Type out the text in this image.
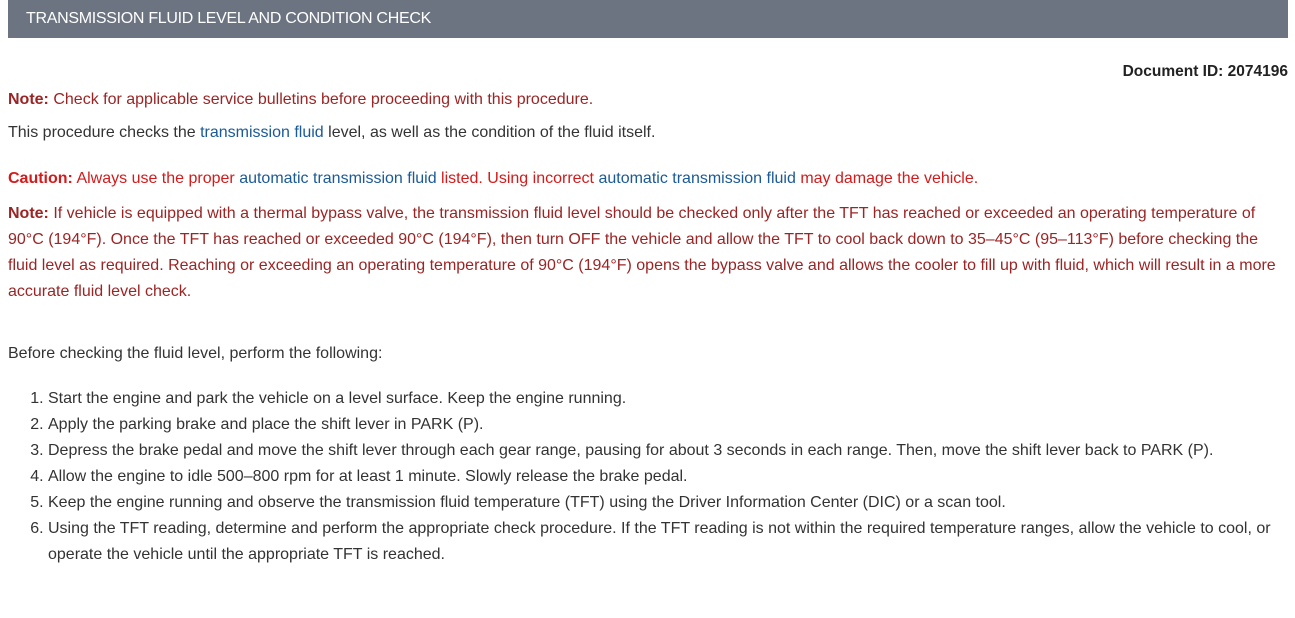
TRANSMISSION FLUID LEVEL AND CONDITION CHECK
Document ID: 2074196

Note: Check for applicable service bulletins before proceeding with this procedure.

This procedure checks the transmission fluid level, as well as the condition of the fluid itself.

Caution: Always use the proper automatic transmission fluid listed. Using incorrect automatic transmission fluid may damage the vehicle.

Note: If vehicle is equipped with a thermal bypass valve, the transmission fluid level should be checked only after the TFT has reached or exceeded an operating temperature of 90°C (194°F). Once the TFT has reached or exceeded 90°C (194°F), then turn OFF the vehicle and allow the TFT to cool back down to 35–45°C (95–113°F) before checking the fluid level as required. Reaching or exceeding an operating temperature of 90°C (194°F) opens the bypass valve and allows the cooler to fill up with fluid, which will result in a more accurate fluid level check.

Before checking the fluid level, perform the following:

1. Start the engine and park the vehicle on a level surface. Keep the engine running.
2. Apply the parking brake and place the shift lever in PARK (P).
3. Depress the brake pedal and move the shift lever through each gear range, pausing for about 3 seconds in each range. Then, move the shift lever back to PARK (P).
4. Allow the engine to idle 500–800 rpm for at least 1 minute. Slowly release the brake pedal.
5. Keep the engine running and observe the transmission fluid temperature (TFT) using the Driver Information Center (DIC) or a scan tool.
6. Using the TFT reading, determine and perform the appropriate check procedure. If the TFT reading is not within the required temperature ranges, allow the vehicle to cool, or operate the vehicle until the appropriate TFT is reached.
